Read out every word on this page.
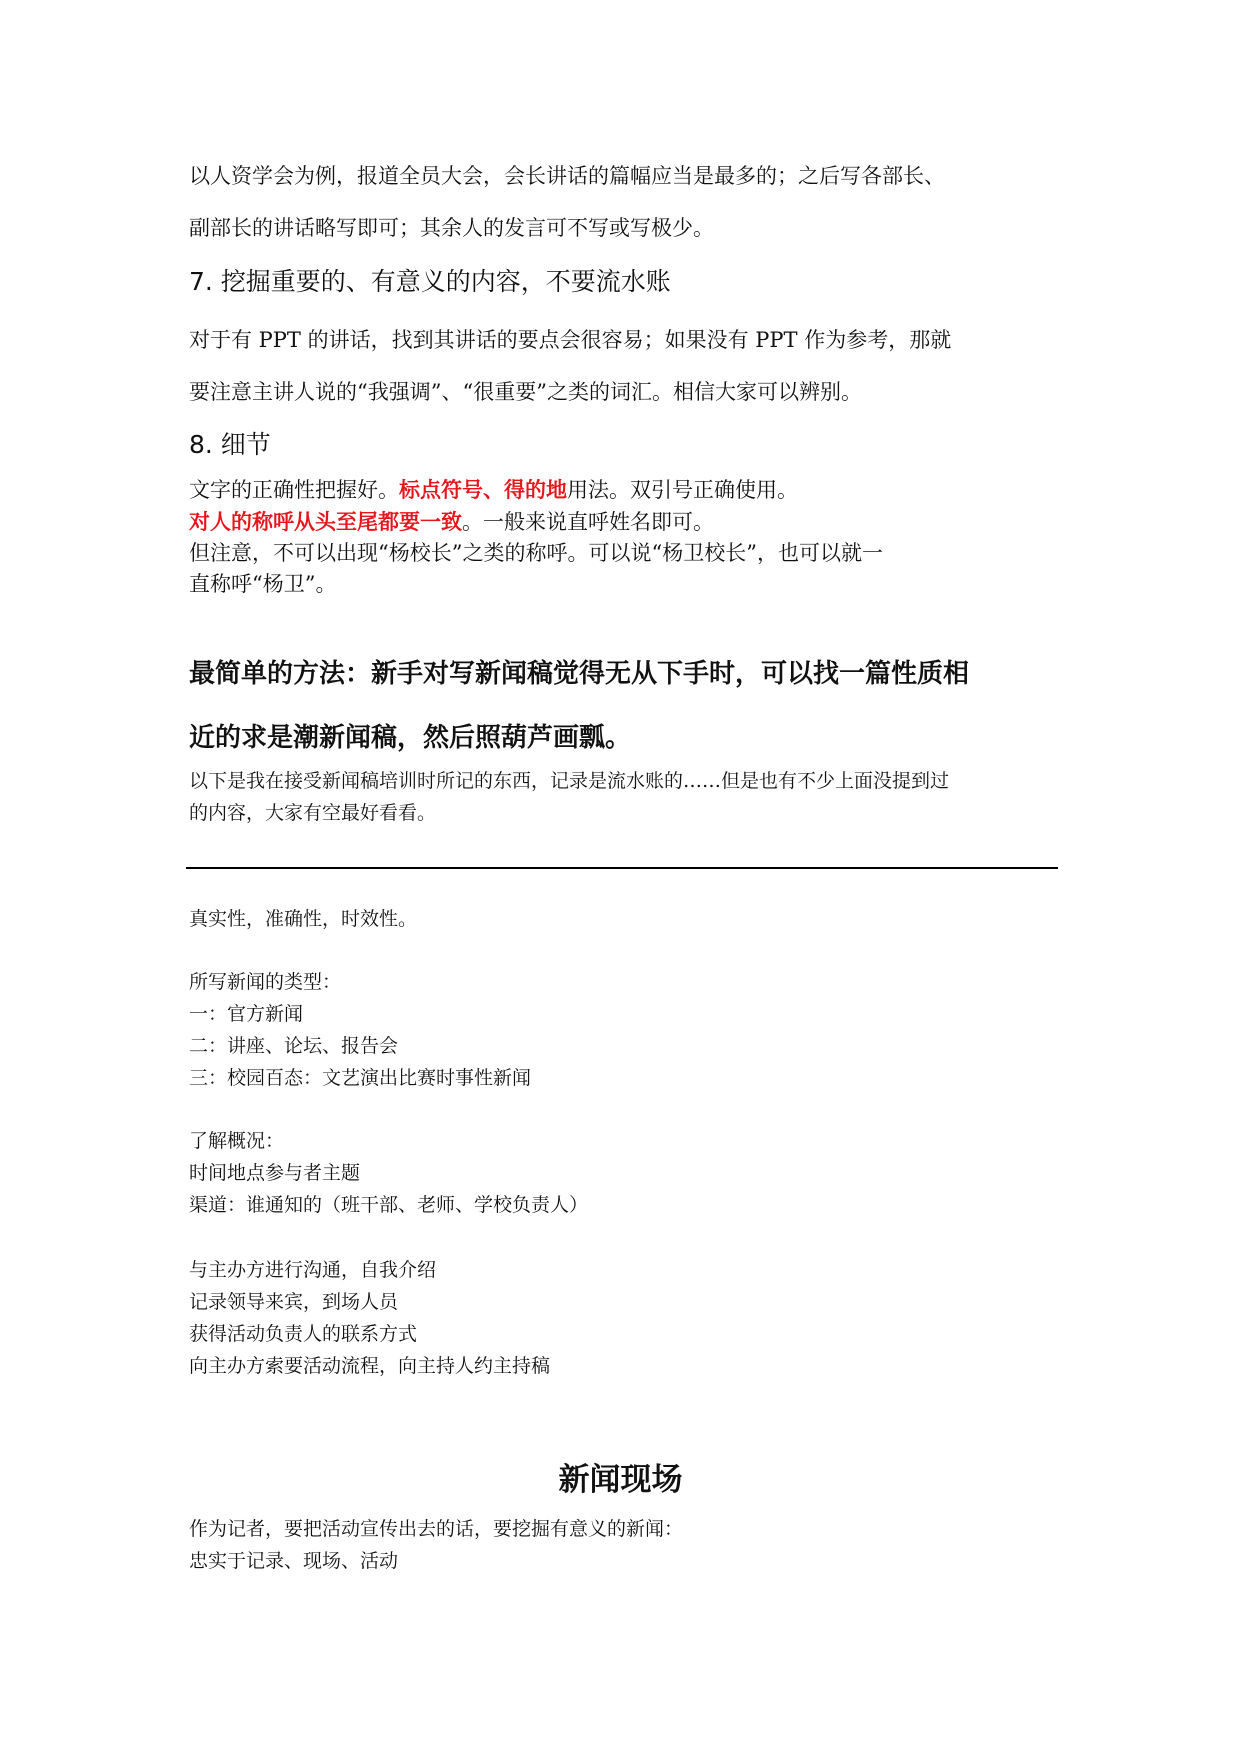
以人资学会为例，报道全员大会，会长讲话的篇幅应当是最多的；之后写各部长、
副部长的讲话略写即可；其余人的发言可不写或写极少。

7. 挖掘重要的、有意义的内容，不要流水账

对于有 PPT 的讲话，找到其讲话的要点会很容易；如果没有 PPT 作为参考，那就
要注意主讲人说的“我强调”、“很重要”之类的词汇。相信大家可以辨别。

8. 细节
文字的正确性把握好。标点符号、得的地用法。双引号正确使用。
对人的称呼从头至尾都要一致。一般来说直呼姓名即可。
但注意，不可以出现“杨校长”之类的称呼。可以说“杨卫校长”，也可以就一
直称呼“杨卫”。
最简单的方法：新手对写新闻稿觉得无从下手时，可以找一篇性质相
近的求是潮新闻稿，然后照葫芦画瓢。
以下是我在接受新闻稿培训时所记的东西，记录是流水账的……但是也有不少上面没提到过
的内容，大家有空最好看看。
真实性，准确性，时效性。
所写新闻的类型：
一：官方新闻
二：讲座、论坛、报告会
三：校园百态：文艺演出比赛时事性新闻
了解概况：
时间地点参与者主题
渠道：谁通知的（班干部、老师、学校负责人）
与主办方进行沟通，自我介绍
记录领导来宾，到场人员
获得活动负责人的联系方式
向主办方索要活动流程，向主持人约主持稿
新闻现场
作为记者，要把活动宣传出去的话，要挖掘有意义的新闻：
忠实于记录、现场、活动
